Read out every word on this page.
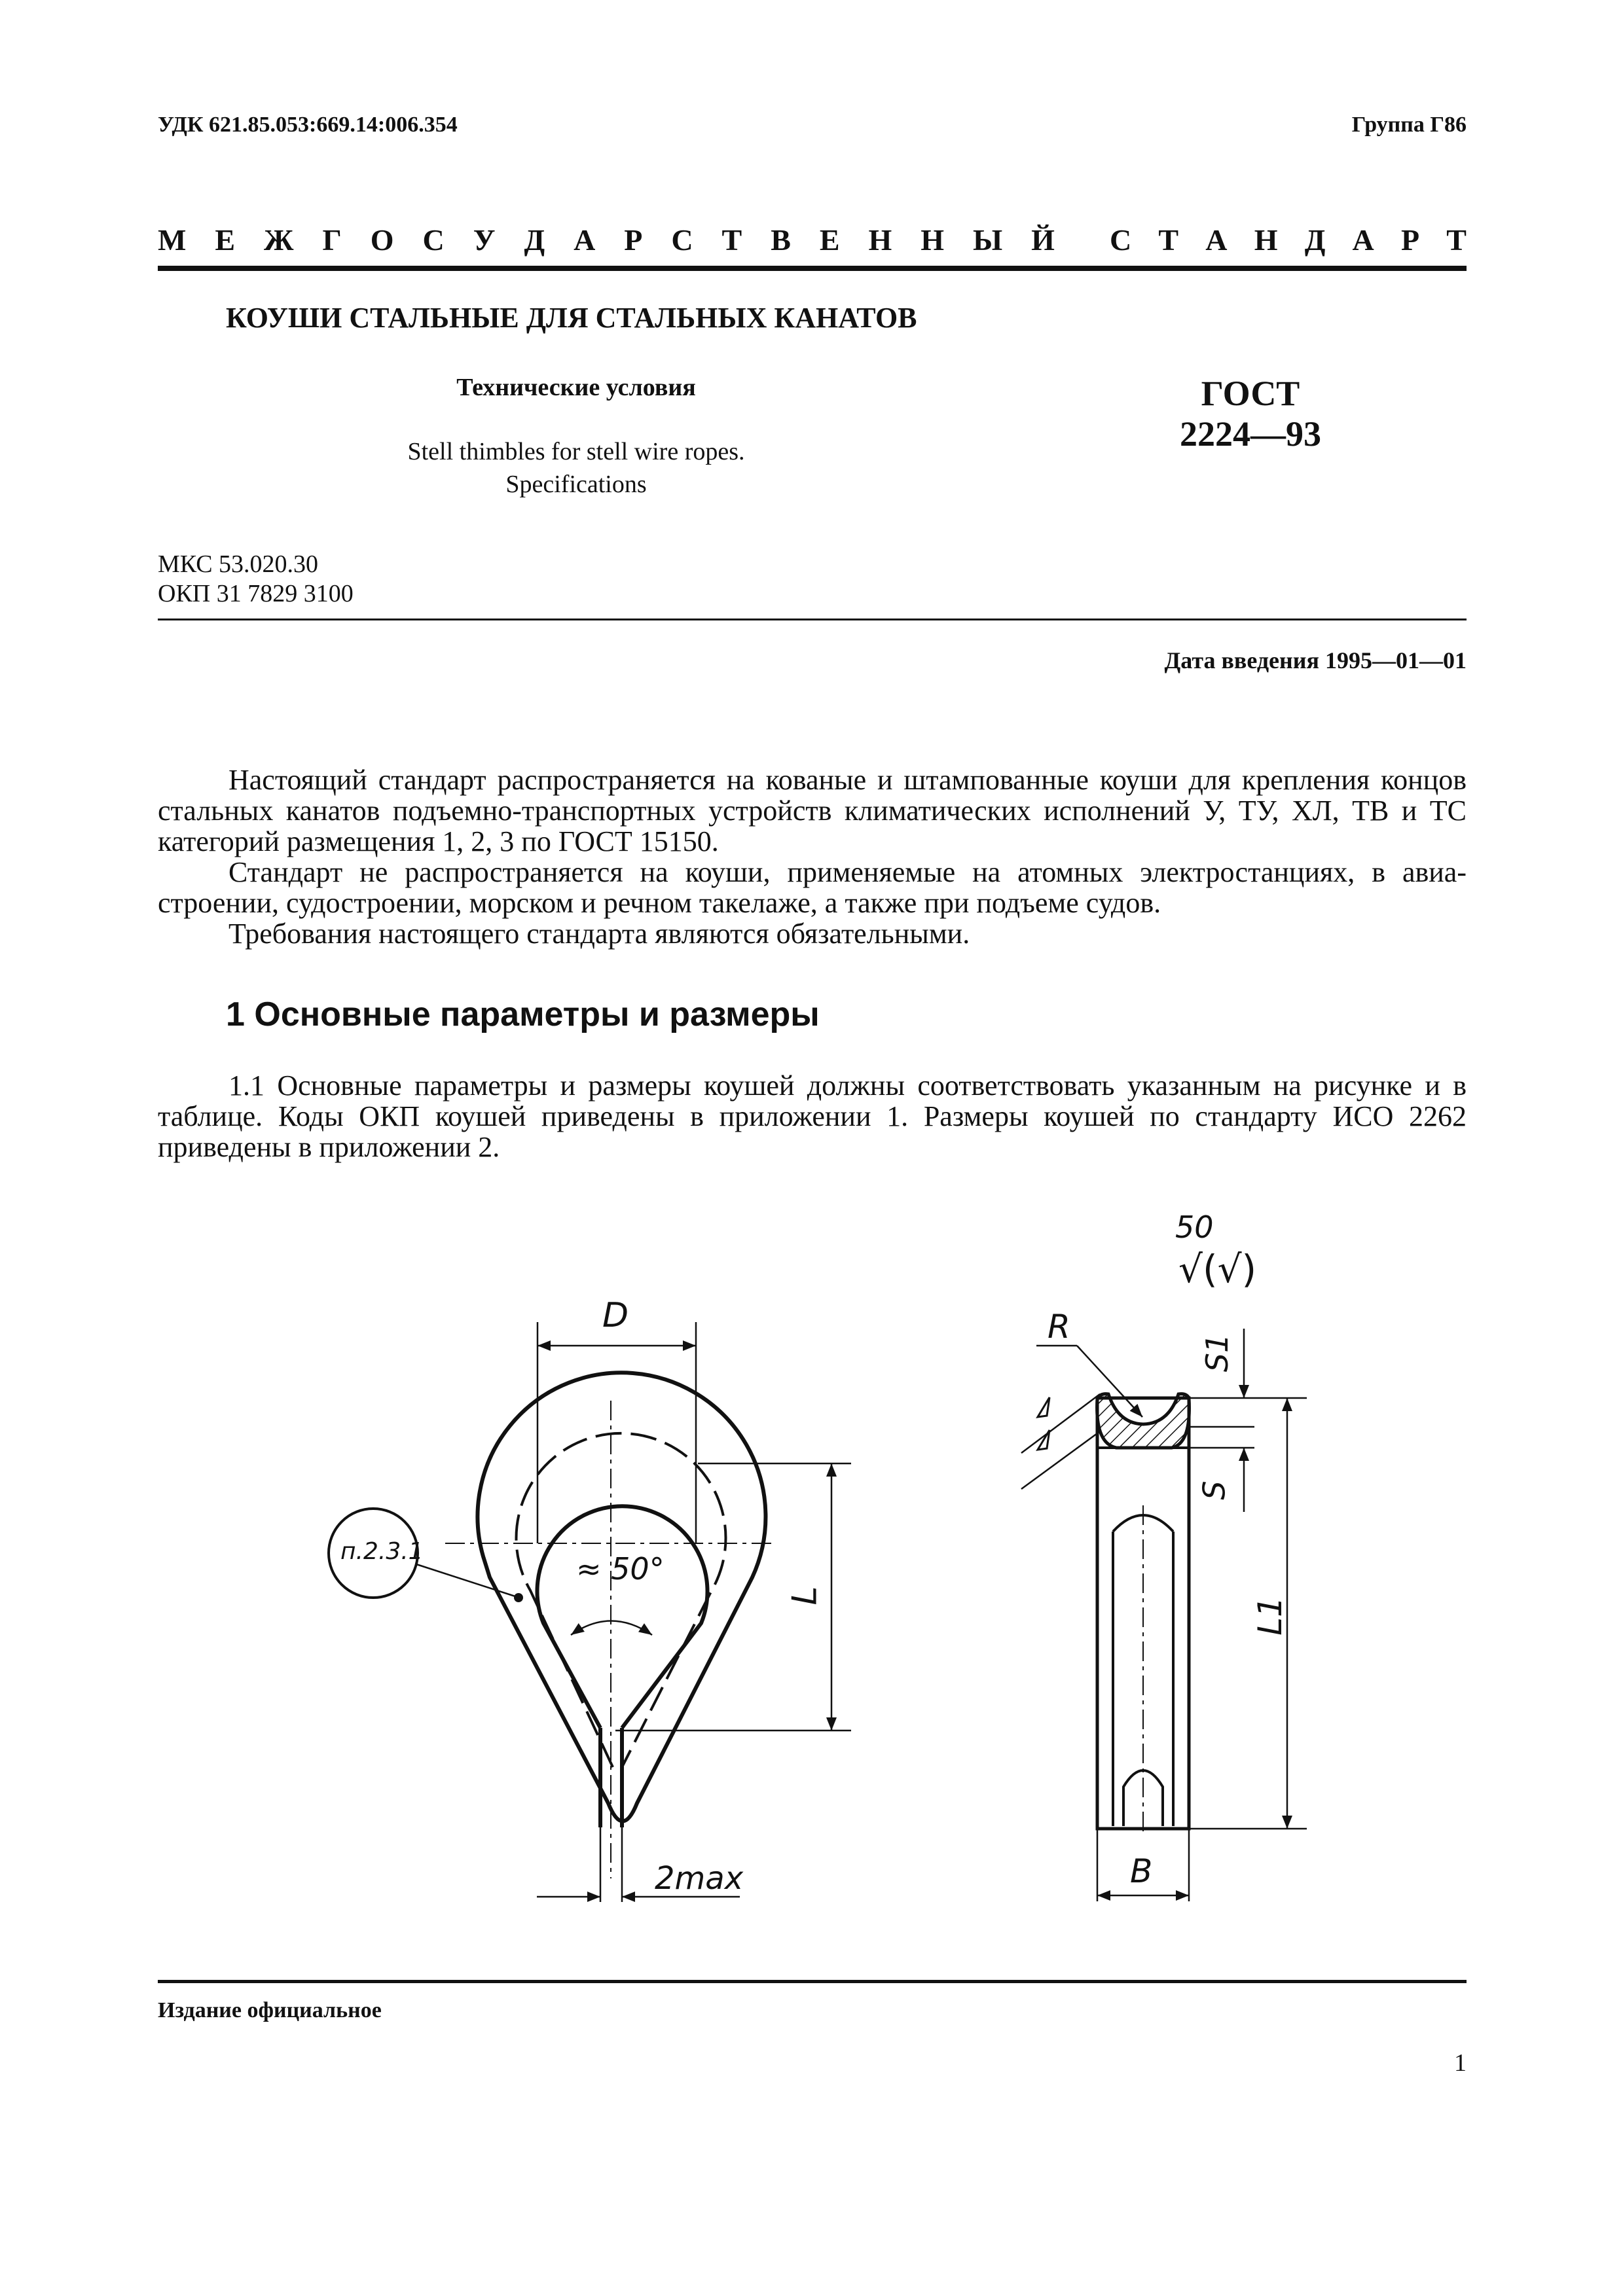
УДК 621.85.053:669.14:006.354	Группа Г86
М Е Ж Г О С У Д А Р С Т В Е Н Н Ы Й С Т А Н Д А Р Т
КОУШИ СТАЛЬНЫЕ ДЛЯ СТАЛЬНЫХ КАНАТОВ
Технические условия
Stell thimbles for stell wire ropes.
Specifications
ГОСТ
2224—93
МКС 53.020.30
ОКП 31 7829 3100
Дата введения 1995—01—01

Настоящий стандарт распространяется на кованые и штампованные коуши для крепления концов стальных канатов подъемно-транспортных устройств климатических исполнений У, ТУ, ХЛ, ТВ и ТС категорий размещения 1, 2, 3 по ГОСТ 15150.

Стандарт не распространяется на коуши, применяемые на атомных электростанциях, в авиастроении, судостроении, морском и речном такелаже, а также при подъеме судов.

Требования настоящего стандарта являются обязательными.

1 Основные параметры и размеры

1.1 Основные параметры и размеры коушей должны соответствовать указанным на рисунке и в таблице. Коды ОКП коушей приведены в приложении 1. Размеры коушей по стандарту ИСО 2262 приведены в приложении 2.

D
L
≈ 50°
2max
п.2.3.1
R
S1
S
L1
B
50
√(√)
Издание официальное
1
